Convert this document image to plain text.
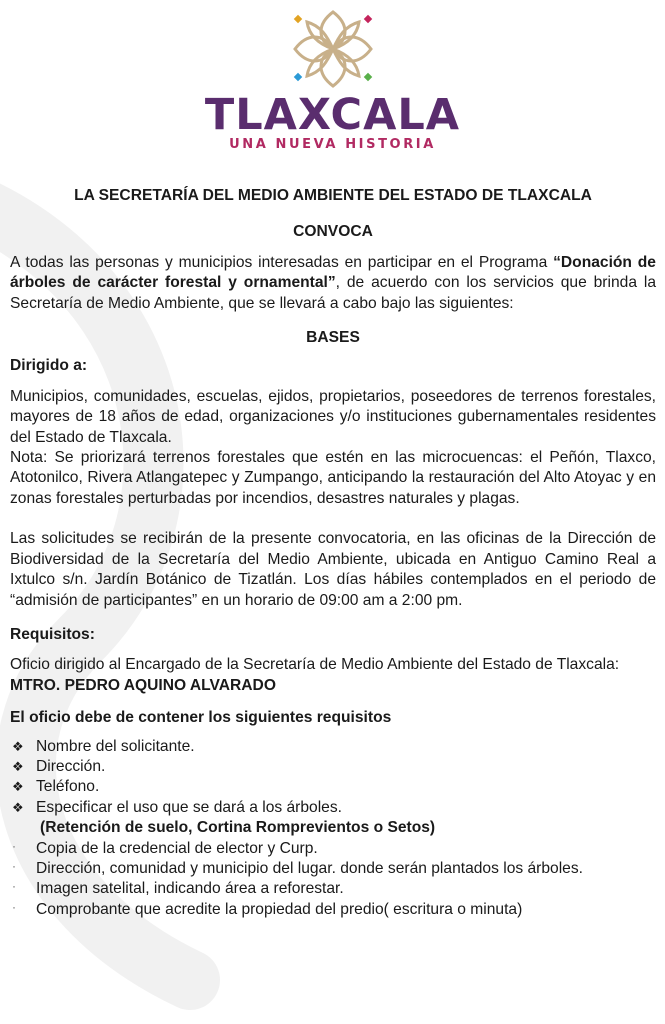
TLAXCALA
UNA NUEVA HISTORIA
LA SECRETARÍA DEL MEDIO AMBIENTE DEL ESTADO DE TLAXCALA
CONVOCA

A todas las personas y municipios interesadas en participar en el Programa “Donación de árboles de carácter forestal y ornamental”, de acuerdo con los servicios que brinda la Secretaría de Medio Ambiente, que se llevará a cabo bajo las siguientes:

BASES

Dirigido a:

Municipios, comunidades, escuelas, ejidos, propietarios, poseedores de terrenos forestales, mayores de 18 años de edad, organizaciones y/o instituciones gubernamentales residentes del Estado de Tlaxcala.

Nota: Se priorizará terrenos forestales que estén en las microcuencas: el Peñón, Tlaxco, Atotonilco, Rivera Atlangatepec y Zumpango, anticipando la restauración del Alto Atoyac y en zonas forestales perturbadas por incendios, desastres naturales y plagas.

Las solicitudes se recibirán de la presente convocatoria, en las oficinas de la Dirección de Biodiversidad de la Secretaría del Medio Ambiente, ubicada en Antiguo Camino Real a Ixtulco s/n. Jardín Botánico de Tizatlán. Los días hábiles contemplados en el periodo de “admisión de participantes” en un horario de 09:00 am a 2:00 pm.

Requisitos:

Oficio dirigido al Encargado de la Secretaría de Medio Ambiente del Estado de Tlaxcala: MTRO. PEDRO AQUINO ALVARADO

El oficio debe de contener los siguientes requisitos

❖ Nombre del solicitante.
❖ Dirección.
❖ Teléfono.
❖ Especificar el uso que se dará a los árboles.
(Retención de suelo, Cortina Romprevientos o Setos)
· Copia de la credencial de elector y Curp.
· Dirección, comunidad y municipio del lugar. donde serán plantados los árboles.
· Imagen satelital, indicando área a reforestar.
· Comprobante que acredite la propiedad del predio( escritura o minuta)
